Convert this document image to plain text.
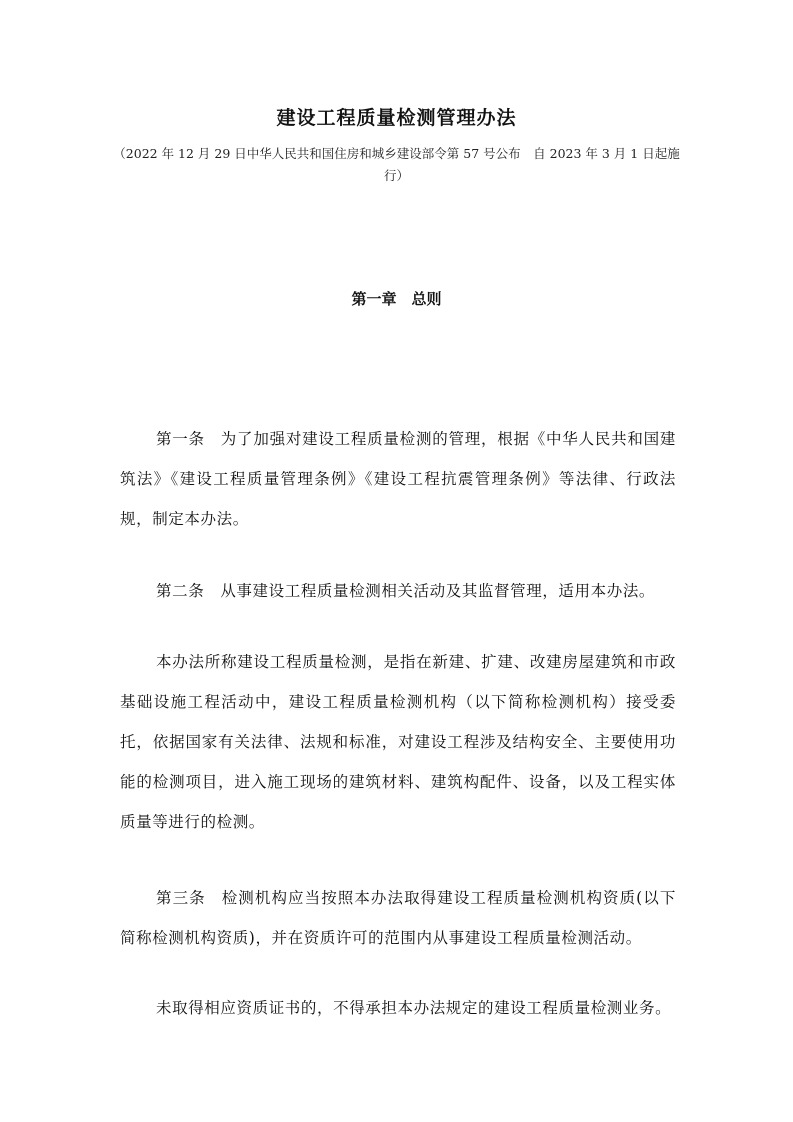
建设工程质量检测管理办法
（2022 年 12 月 29 日中华人民共和国住房和城乡建设部令第 57 号公布　自 2023 年 3 月 1 日起施行）
第一章　总则
第一条 为了加强对建设工程质量检测的管理，根据《中华人民共和国建筑法》《建设工程质量管理条例》《建设工程抗震管理条例》等法律、行政法规，制定本办法。
第二条 从事建设工程质量检测相关活动及其监督管理，适用本办法。
本办法所称建设工程质量检测，是指在新建、扩建、改建房屋建筑和市政基础设施工程活动中，建设工程质量检测机构（以下简称检测机构）接受委托，依据国家有关法律、法规和标准，对建设工程涉及结构安全、主要使用功能的检测项目，进入施工现场的建筑材料、建筑构配件、设备，以及工程实体质量等进行的检测。
第三条 检测机构应当按照本办法取得建设工程质量检测机构资质(以下简称检测机构资质)，并在资质许可的范围内从事建设工程质量检测活动。
未取得相应资质证书的，不得承担本办法规定的建设工程质量检测业务。
